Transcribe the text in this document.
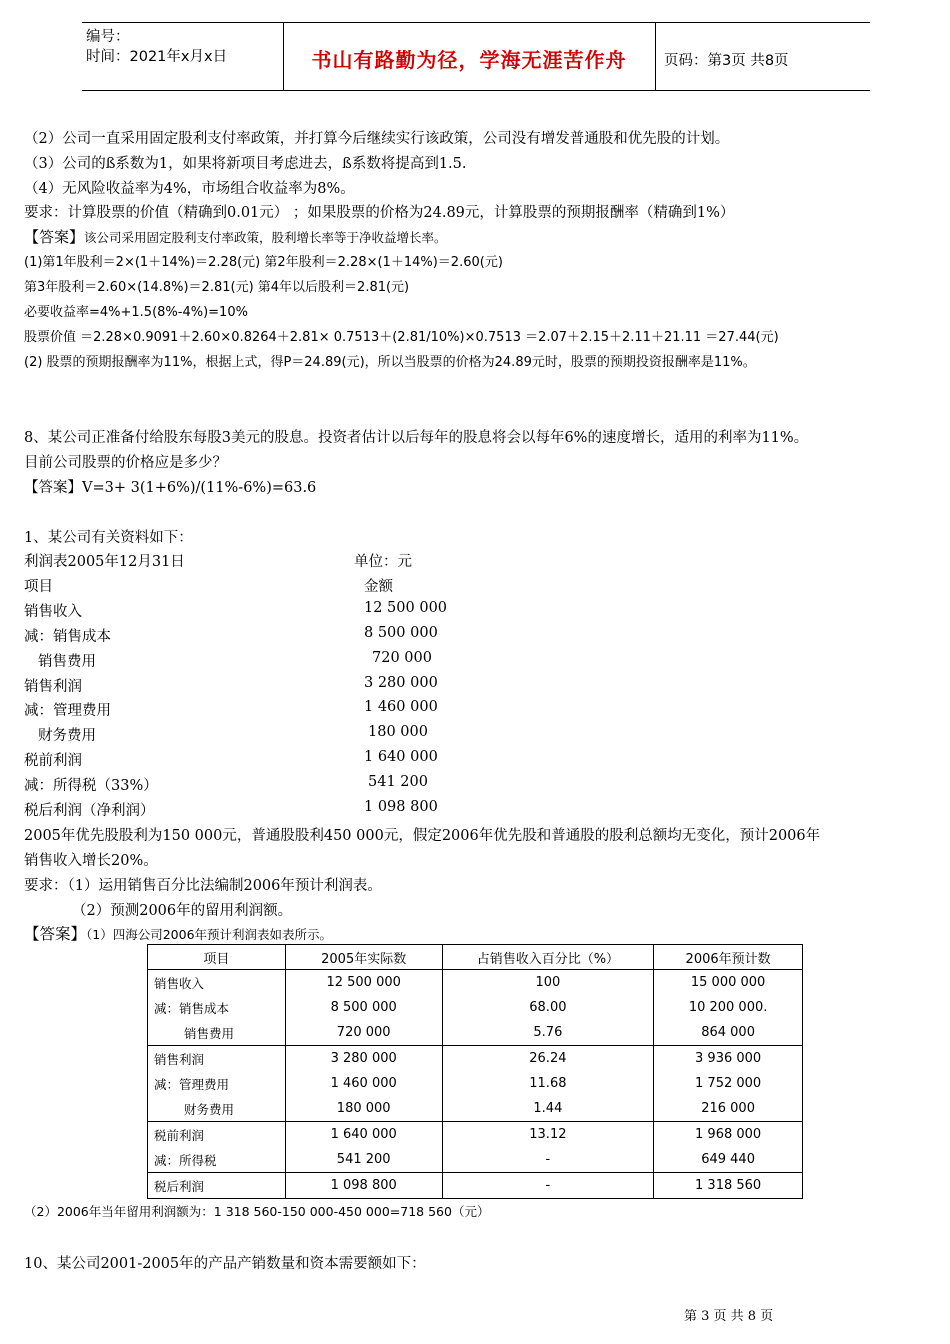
编号：
时间：2021年x月x日	书山有路勤为径，学海无涯苦作舟	页码：第3页 共8页
（2）公司一直采用固定股利支付率政策，并打算今后继续实行该政策，公司没有增发普通股和优先股的计划。
（3）公司的ß系数为1，如果将新项目考虑进去，ß系数将提高到1.5.
（4）无风险收益率为4%，市场组合收益率为8%。
要求：计算股票的价值（精确到0.01元） ；如果股票的价格为24.89元，计算股票的预期报酬率（精确到1%）
【答案】该公司采用固定股利支付率政策，股利增长率等于净收益增长率。
(1)第1年股利＝2×(1＋14%)＝2.28(元) 第2年股利＝2.28×(1＋14%)＝2.60(元)
第3年股利＝2.60×(14.8%)＝2.81(元) 第4年以后股利＝2.81(元)
必要收益率=4%+1.5(8%-4%)=10%
股票价值 ＝2.28×0.9091＋2.60×0.8264＋2.81× 0.7513＋(2.81/10%)×0.7513 ＝2.07＋2.15＋2.11＋21.11 ＝27.44(元)
(2) 股票的预期报酬率为11%，根据上式，得P＝24.89(元)，所以当股票的价格为24.89元时，股票的预期投资报酬率是11%。
8、某公司正准备付给股东每股3美元的股息。投资者估计以后每年的股息将会以每年6%的速度增长，适用的利率为11%。
目前公司股票的价格应是多少？
【答案】V=3+ 3(1+6%)/(11%-6%)=63.6
1、某公司有关资料如下：
利润表2005年12月31日	单位：元
项目	金额
销售收入	12 500 000
减：销售成本	8 500 000
销售费用	720 000
销售利润	3 280 000
减：管理费用	1 460 000
财务费用	180 000
税前利润	1 640 000
减：所得税（33%）	541 200
税后利润（净利润）	1 098 800
2005年优先股股利为150 000元，普通股股利450 000元，假定2006年优先股和普通股的股利总额均无变化，预计2006年
销售收入增长20%。
要求：（1）运用销售百分比法编制2006年预计利润表。
（2）预测2006年的留用利润额。
【答案】（1）四海公司2006年预计利润表如表所示。
项目	2005年实际数	占销售收入百分比（%）	2006年预计数
销售收入	12 500 000	100	15 000 000
减：销售成本	8 500 000	68.00	10 200 000.
销售费用	720 000	5.76	864 000
销售利润	3 280 000	26.24	3 936 000
减：管理费用	1 460 000	11.68	1 752 000
财务费用	180 000	1.44	216 000
税前利润	1 640 000	13.12	1 968 000
减：所得税	541 200	-	649 440
税后利润	1 098 800	-	1 318 560
（2）2006年当年留用利润额为：1 318 560-150 000-450 000=718 560（元）
10、某公司2001-2005年的产品产销数量和资本需要额如下：
第 3 页 共 8 页
